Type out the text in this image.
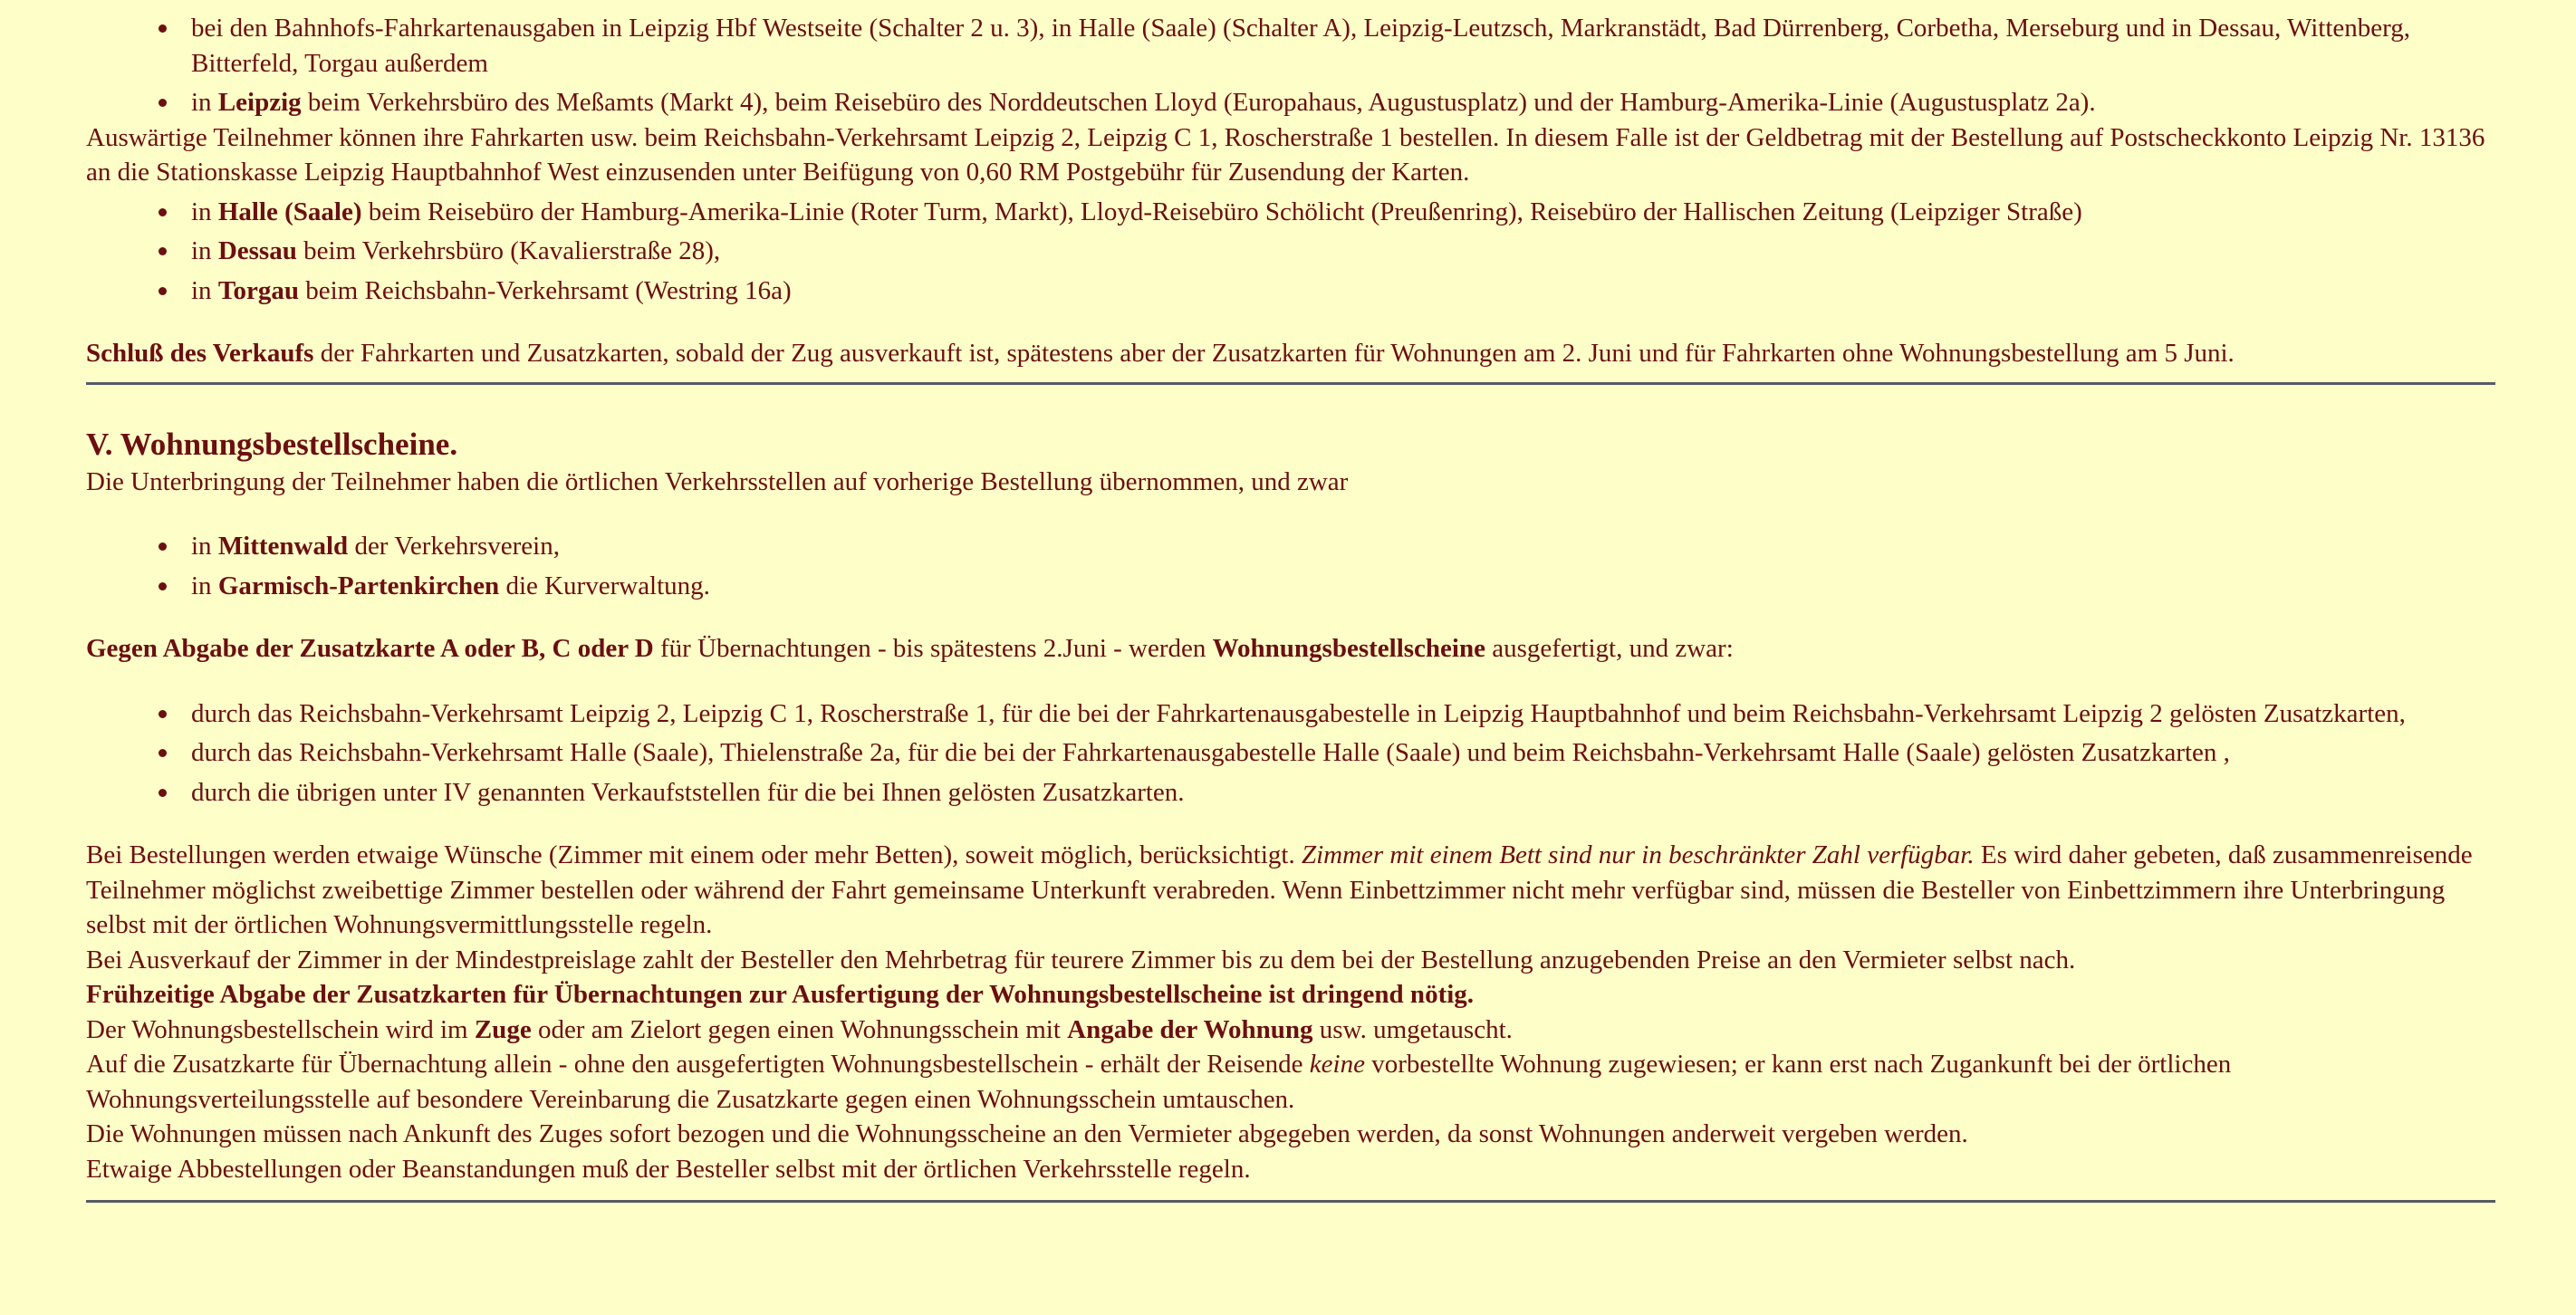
bei den Bahnhofs-Fahrkartenausgaben in Leipzig Hbf Westseite (Schalter 2 u. 3), in Halle (Saale) (Schalter A), Leipzig-Leutzsch, Markranstädt, Bad Dürrenberg, Corbetha, Merseburg und in Dessau, Wittenberg, Bitterfeld, Torgau außerdem
in Leipzig beim Verkehrsbüro des Meßamts (Markt 4), beim Reisebüro des Norddeutschen Lloyd (Europahaus, Augustusplatz) und der Hamburg-Amerika-Linie (Augustusplatz 2a).

Auswärtige Teilnehmer können ihre Fahrkarten usw. beim Reichsbahn-Verkehrsamt Leipzig 2, Leipzig C 1, Roscherstraße 1 bestellen. In diesem Falle ist der Geldbetrag mit der Bestellung auf Postscheckkonto Leipzig Nr. 13136 an die Stationskasse Leipzig Hauptbahnhof West einzusenden unter Beifügung von 0,60 RM Postgebühr für Zusendung der Karten.

in Halle (Saale) beim Reisebüro der Hamburg-Amerika-Linie (Roter Turm, Markt), Lloyd-Reisebüro Schölicht (Preußenring), Reisebüro der Hallischen Zeitung (Leipziger Straße)
in Dessau beim Verkehrsbüro (Kavalierstraße 28),
in Torgau beim Reichsbahn-Verkehrsamt (Westring 16a)

Schluß des Verkaufs der Fahrkarten und Zusatzkarten, sobald der Zug ausverkauft ist, spätestens aber der Zusatzkarten für Wohnungen am 2. Juni und für Fahrkarten ohne Wohnungsbestellung am 5 Juni.

V. Wohnungsbestellscheine.

Die Unterbringung der Teilnehmer haben die örtlichen Verkehrsstellen auf vorherige Bestellung übernommen, und zwar

in Mittenwald der Verkehrsverein,
in Garmisch-Partenkirchen die Kurverwaltung.

Gegen Abgabe der Zusatzkarte A oder B, C oder D für Übernachtungen - bis spätestens 2.Juni - werden Wohnungsbestellscheine ausgefertigt, und zwar:

durch das Reichsbahn-Verkehrsamt Leipzig 2, Leipzig C 1, Roscherstraße 1, für die bei der Fahrkartenausgabestelle in Leipzig Hauptbahnhof und beim Reichsbahn-Verkehrsamt Leipzig 2 gelösten Zusatzkarten,
durch das Reichsbahn-Verkehrsamt Halle (Saale), Thielenstraße 2a, für die bei der Fahrkartenausgabestelle Halle (Saale) und beim Reichsbahn-Verkehrsamt Halle (Saale) gelösten Zusatzkarten ,
durch die übrigen unter IV genannten Verkaufststellen für die bei Ihnen gelösten Zusatzkarten.

Bei Bestellungen werden etwaige Wünsche (Zimmer mit einem oder mehr Betten), soweit möglich, berücksichtigt. Zimmer mit einem Bett sind nur in beschränkter Zahl verfügbar. Es wird daher gebeten, daß zusammenreisende Teilnehmer möglichst zweibettige Zimmer bestellen oder während der Fahrt gemeinsame Unterkunft verabreden. Wenn Einbettzimmer nicht mehr verfügbar sind, müssen die Besteller von Einbettzimmern ihre Unterbringung selbst mit der örtlichen Wohnungsvermittlungsstelle regeln.

Bei Ausverkauf der Zimmer in der Mindestpreislage zahlt der Besteller den Mehrbetrag für teurere Zimmer bis zu dem bei der Bestellung anzugebenden Preise an den Vermieter selbst nach.

Frühzeitige Abgabe der Zusatzkarten für Übernachtungen zur Ausfertigung der Wohnungsbestellscheine ist dringend nötig.

Der Wohnungsbestellschein wird im Zuge oder am Zielort gegen einen Wohnungsschein mit Angabe der Wohnung usw. umgetauscht.

Auf die Zusatzkarte für Übernachtung allein - ohne den ausgefertigten Wohnungsbestellschein - erhält der Reisende keine vorbestellte Wohnung zugewiesen; er kann erst nach Zugankunft bei der örtlichen Wohnungsverteilungsstelle auf besondere Vereinbarung die Zusatzkarte gegen einen Wohnungsschein umtauschen.

Die Wohnungen müssen nach Ankunft des Zuges sofort bezogen und die Wohnungsscheine an den Vermieter abgegeben werden, da sonst Wohnungen anderweit vergeben werden.

Etwaige Abbestellungen oder Beanstandungen muß der Besteller selbst mit der örtlichen Verkehrsstelle regeln.
